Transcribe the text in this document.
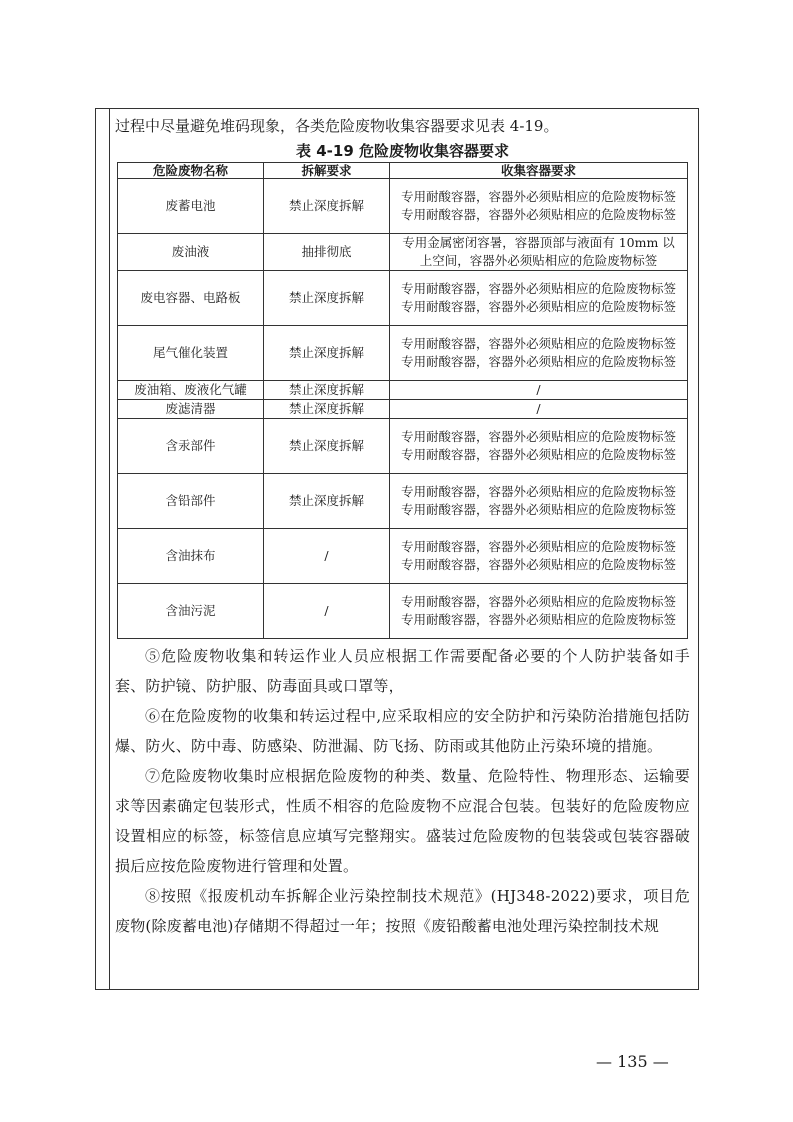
过程中尽量避免堆码现象，各类危险废物收集容器要求见表 4-19。

表 4-19 危险废物收集容器要求

危险废物名称	拆解要求	收集容器要求
废蓄电池	禁止深度拆解	专用耐酸容器，容器外必须贴相应的危险废物标签专用耐酸容器，容器外必须贴相应的危险废物标签
废油液	抽排彻底	专用金属密闭容暑，容器顶部与液面有 10mm 以上空间，容器外必须贴相应的危险废物标签
废电容器、电路板	禁止深度拆解	专用耐酸容器，容器外必须贴相应的危险废物标签专用耐酸容器，容器外必须贴相应的危险废物标签
尾气催化装置	禁止深度拆解	专用耐酸容器，容器外必须贴相应的危险废物标签专用耐酸容器，容器外必须贴相应的危险废物标签
废油箱、废液化气罐	禁止深度拆解	/
废滤清器	禁止深度拆解	/
含汞部件	禁止深度拆解	专用耐酸容器，容器外必须贴相应的危险废物标签专用耐酸容器，容器外必须贴相应的危险废物标签
含铅部件	禁止深度拆解	专用耐酸容器，容器外必须贴相应的危险废物标签专用耐酸容器，容器外必须贴相应的危险废物标签
含油抹布	/	专用耐酸容器，容器外必须贴相应的危险废物标签专用耐酸容器，容器外必须贴相应的危险废物标签
含油污泥	/	专用耐酸容器，容器外必须贴相应的危险废物标签专用耐酸容器，容器外必须贴相应的危险废物标签

⑤危险废物收集和转运作业人员应根据工作需要配备必要的个人防护装备如手套、防护镜、防护服、防毒面具或口罩等，

⑥在危险废物的收集和转运过程中,应采取相应的安全防护和污染防治措施包括防爆、防火、防中毒、防感染、防泄漏、防飞扬、防雨或其他防止污染环境的措施。

⑦危险废物收集时应根据危险废物的种类、数量、危险特性、物理形态、运输要求等因素确定包装形式，性质不相容的危险废物不应混合包装。包装好的危险废物应设置相应的标签，标签信息应填写完整翔实。盛装过危险废物的包装袋或包装容器破损后应按危险废物进行管理和处置。

⑧按照《报废机动车拆解企业污染控制技术规范》(HJ348-2022)要求，项目危废物(除废蓄电池)存储期不得超过一年；按照《废铅酸蓄电池处理污染控制技术规

— 135 —
